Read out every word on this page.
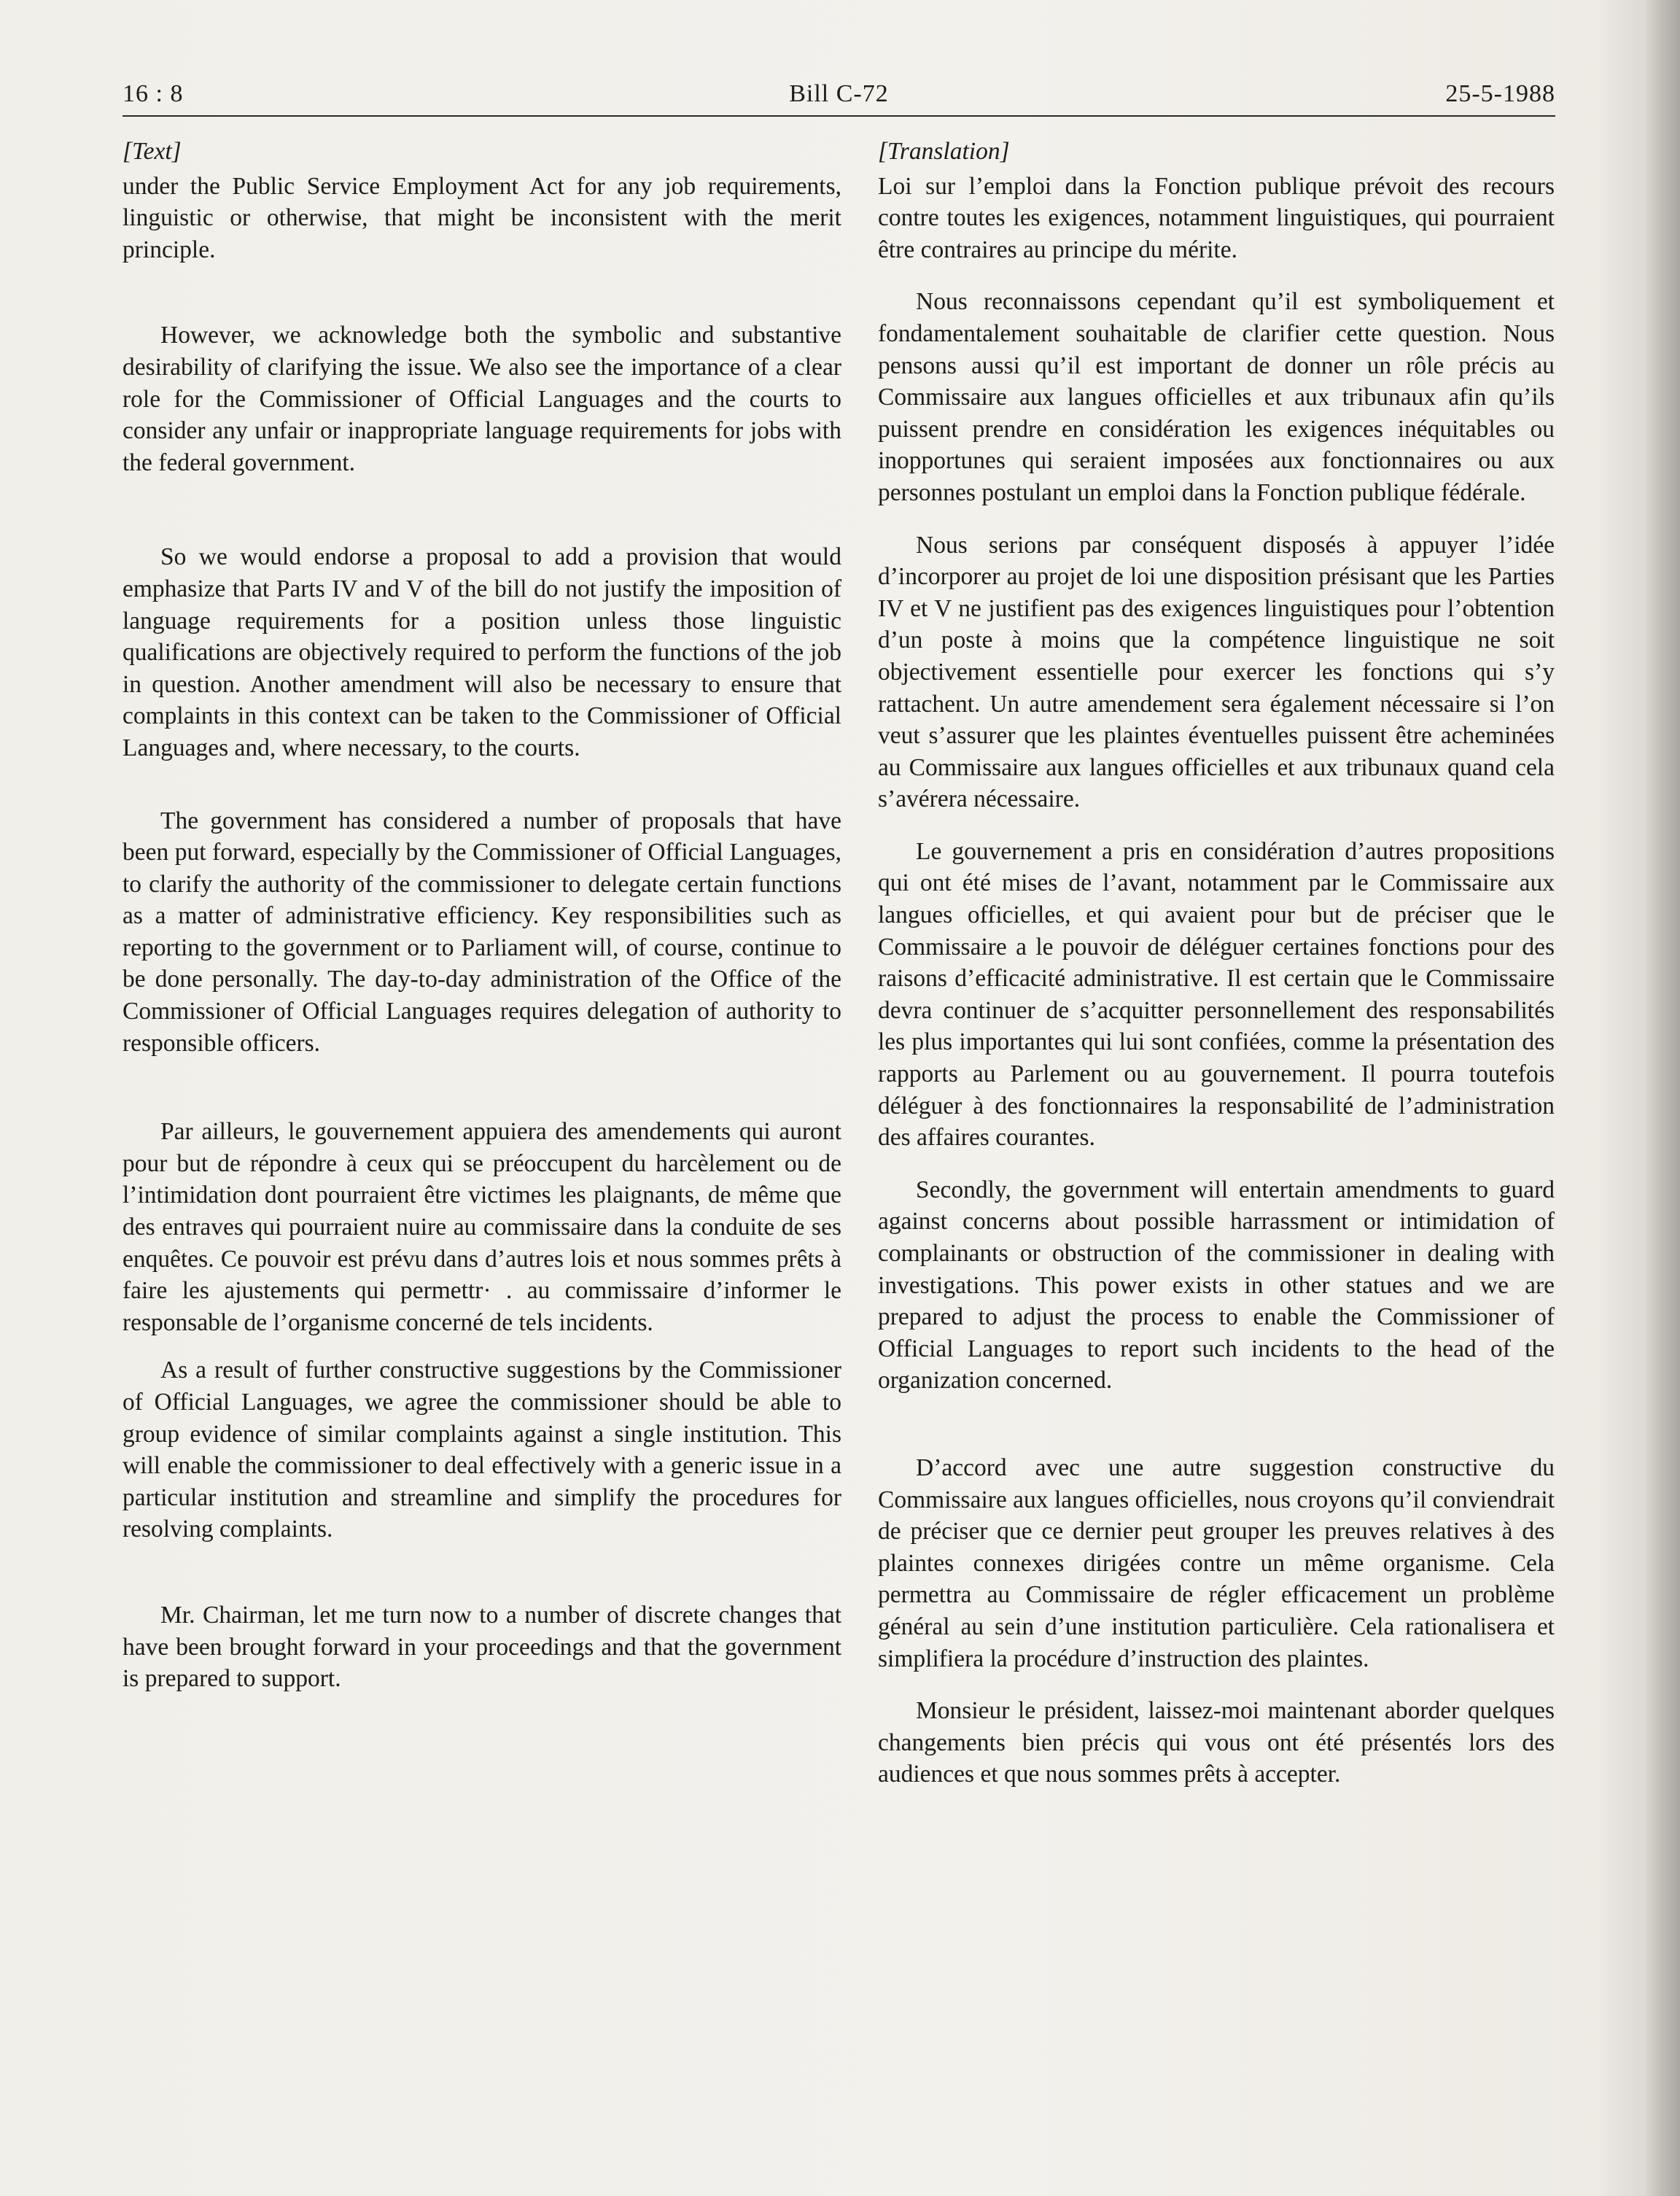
16 : 8	Bill C-72	25-5-1988
[Text]

under the Public Service Employment Act for any job requirements, linguistic or otherwise, that might be inconsistent with the merit principle.

However, we acknowledge both the symbolic and substantive desirability of clarifying the issue. We also see the importance of a clear role for the Commissioner of Official Languages and the courts to consider any unfair or inappropriate language requirements for jobs with the federal government.

So we would endorse a proposal to add a provision that would emphasize that Parts IV and V of the bill do not justify the imposition of language requirements for a position unless those linguistic qualifications are objectively required to perform the functions of the job in question. Another amendment will also be necessary to ensure that complaints in this context can be taken to the Commissioner of Official Languages and, where necessary, to the courts.

The government has considered a number of proposals that have been put forward, especially by the Commissioner of Official Languages, to clarify the authority of the commissioner to delegate certain functions as a matter of administrative efficiency. Key responsibilities such as reporting to the government or to Parliament will, of course, continue to be done personally. The day-to-day administration of the Office of the Commissioner of Official Languages requires delegation of authority to responsible officers.

Par ailleurs, le gouvernement appuiera des amendements qui auront pour but de répondre à ceux qui se préoccupent du harcèlement ou de l’intimidation dont pourraient être victimes les plaignants, de même que des entraves qui pourraient nuire au commissaire dans la conduite de ses enquêtes. Ce pouvoir est prévu dans d’autres lois et nous sommes prêts à faire les ajustements qui permettr· . au commissaire d’informer le responsable de l’organisme concerné de tels incidents.

As a result of further constructive suggestions by the Commissioner of Official Languages, we agree the commissioner should be able to group evidence of similar complaints against a single institution. This will enable the commissioner to deal effectively with a generic issue in a particular institution and streamline and simplify the procedures for resolving complaints.

Mr. Chairman, let me turn now to a number of discrete changes that have been brought forward in your proceedings and that the government is prepared to support.

[Translation]

Loi sur l’emploi dans la Fonction publique prévoit des recours contre toutes les exigences, notamment linguistiques, qui pourraient être contraires au principe du mérite.

Nous reconnaissons cependant qu’il est symboliquement et fondamentalement souhaitable de clarifier cette question. Nous pensons aussi qu’il est important de donner un rôle précis au Commissaire aux langues officielles et aux tribunaux afin qu’ils puissent prendre en considération les exigences inéquitables ou inopportunes qui seraient imposées aux fonctionnaires ou aux personnes postulant un emploi dans la Fonction publique fédérale.

Nous serions par conséquent disposés à appuyer l’idée d’incorporer au projet de loi une disposition présisant que les Parties IV et V ne justifient pas des exigences linguistiques pour l’obtention d’un poste à moins que la compétence linguistique ne soit objectivement essentielle pour exercer les fonctions qui s’y rattachent. Un autre amendement sera également nécessaire si l’on veut s’assurer que les plaintes éventuelles puissent être acheminées au Commissaire aux langues officielles et aux tribunaux quand cela s’avérera nécessaire.

Le gouvernement a pris en considération d’autres propositions qui ont été mises de l’avant, notamment par le Commissaire aux langues officielles, et qui avaient pour but de préciser que le Commissaire a le pouvoir de déléguer certaines fonctions pour des raisons d’efficacité administrative. Il est certain que le Commissaire devra continuer de s’acquitter personnellement des responsabilités les plus importantes qui lui sont confiées, comme la présentation des rapports au Parlement ou au gouvernement. Il pourra toutefois déléguer à des fonctionnaires la responsabilité de l’administration des affaires courantes.

Secondly, the government will entertain amendments to guard against concerns about possible harrassment or intimidation of complainants or obstruction of the commissioner in dealing with investigations. This power exists in other statues and we are prepared to adjust the process to enable the Commissioner of Official Languages to report such incidents to the head of the organization concerned.

D’accord avec une autre suggestion constructive du Commissaire aux langues officielles, nous croyons qu’il conviendrait de préciser que ce dernier peut grouper les preuves relatives à des plaintes connexes dirigées contre un même organisme. Cela permettra au Commissaire de régler efficacement un problème général au sein d’une institution particulière. Cela rationalisera et simplifiera la procédure d’instruction des plaintes.

Monsieur le président, laissez-moi maintenant aborder quelques changements bien précis qui vous ont été présentés lors des audiences et que nous sommes prêts à accepter.
